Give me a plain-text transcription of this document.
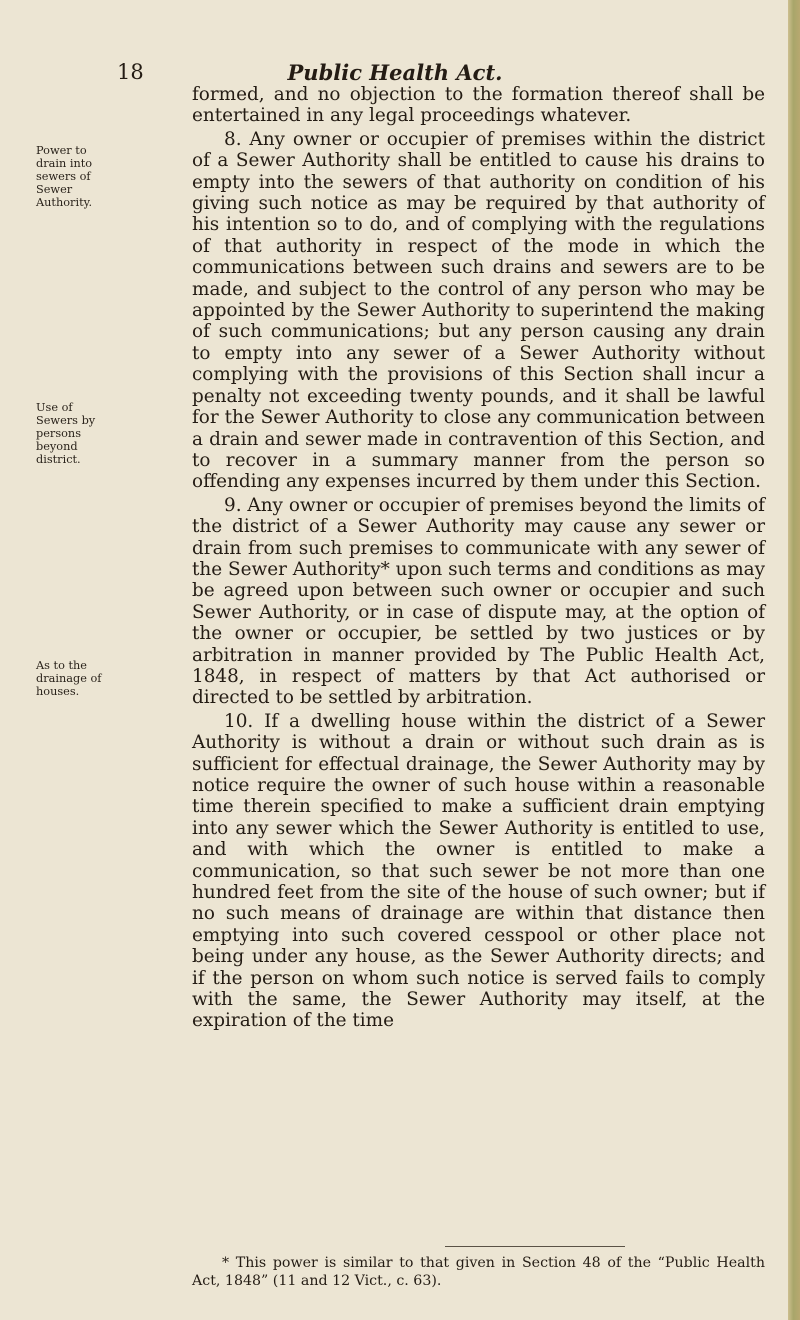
18	Public Health Act.
Power to drain into sewers of Sewer Authority.
Use of Sewers by persons beyond district.
As to the drainage of houses.

formed, and no objection to the formation thereof shall be entertained in any legal proceedings whatever.

8. Any owner or occupier of premises within the district of a Sewer Authority shall be entitled to cause his drains to empty into the sewers of that authority on condition of his giving such notice as may be required by that authority of his intention so to do, and of complying with the regulations of that authority in respect of the mode in which the communications between such drains and sewers are to be made, and subject to the control of any person who may be appointed by the Sewer Authority to superintend the making of such communications; but any person causing any drain to empty into any sewer of a Sewer Authority without complying with the provisions of this Section shall incur a penalty not exceeding twenty pounds, and it shall be lawful for the Sewer Authority to close any communication between a drain and sewer made in contravention of this Section, and to recover in a summary manner from the person so offending any expenses incurred by them under this Section.

9. Any owner or occupier of premises beyond the limits of the district of a Sewer Authority may cause any sewer or drain from such premises to communicate with any sewer of the Sewer Authority* upon such terms and conditions as may be agreed upon between such owner or occupier and such Sewer Authority, or in case of dispute may, at the option of the owner or occupier, be settled by two justices or by arbitration in manner provided by The Public Health Act, 1848, in respect of matters by that Act authorised or directed to be settled by arbitration.

10. If a dwelling house within the district of a Sewer Authority is without a drain or without such drain as is sufficient for effectual drainage, the Sewer Authority may by notice require the owner of such house within a reasonable time therein specified to make a sufficient drain emptying into any sewer which the Sewer Authority is entitled to use, and with which the owner is entitled to make a communication, so that such sewer be not more than one hundred feet from the site of the house of such owner; but if no such means of drainage are within that distance then emptying into such covered cesspool or other place not being under any house, as the Sewer Authority directs; and if the person on whom such notice is served fails to comply with the same, the Sewer Authority may itself, at the expiration of the time

* This power is similar to that given in Section 48 of the “Public Health Act, 1848” (11 and 12 Vict., c. 63).
